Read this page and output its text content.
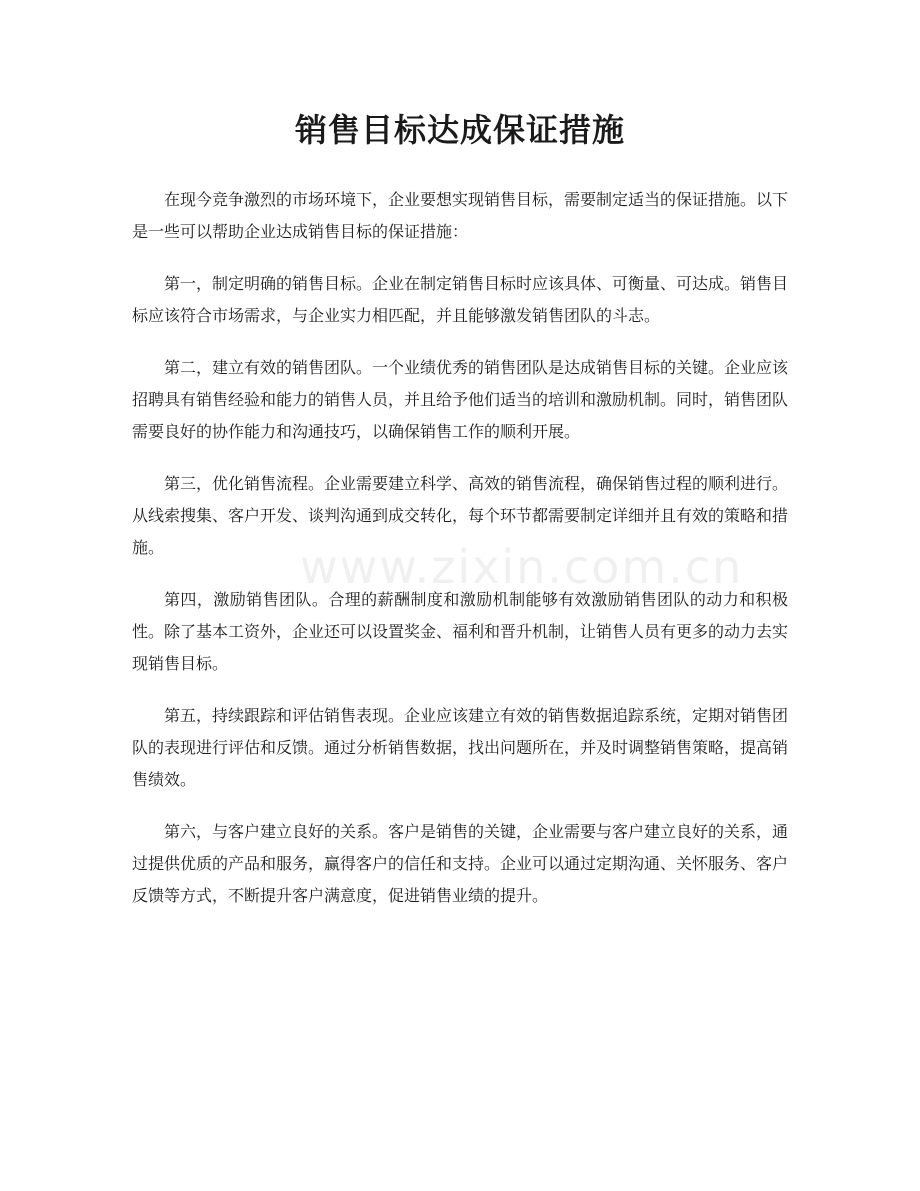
销售目标达成保证措施
www.zixin.com.cn

在现今竞争激烈的市场环境下，企业要想实现销售目标，需要制定适当的保证措施。以下是一些可以帮助企业达成销售目标的保证措施：

第一，制定明确的销售目标。企业在制定销售目标时应该具体、可衡量、可达成。销售目标应该符合市场需求，与企业实力相匹配，并且能够激发销售团队的斗志。

第二，建立有效的销售团队。一个业绩优秀的销售团队是达成销售目标的关键。企业应该招聘具有销售经验和能力的销售人员，并且给予他们适当的培训和激励机制。同时，销售团队需要良好的协作能力和沟通技巧，以确保销售工作的顺利开展。

第三，优化销售流程。企业需要建立科学、高效的销售流程，确保销售过程的顺利进行。从线索搜集、客户开发、谈判沟通到成交转化，每个环节都需要制定详细并且有效的策略和措施。

第四，激励销售团队。合理的薪酬制度和激励机制能够有效激励销售团队的动力和积极性。除了基本工资外，企业还可以设置奖金、福利和晋升机制，让销售人员有更多的动力去实现销售目标。

第五，持续跟踪和评估销售表现。企业应该建立有效的销售数据追踪系统，定期对销售团队的表现进行评估和反馈。通过分析销售数据，找出问题所在，并及时调整销售策略，提高销售绩效。

第六，与客户建立良好的关系。客户是销售的关键，企业需要与客户建立良好的关系，通过提供优质的产品和服务，赢得客户的信任和支持。企业可以通过定期沟通、关怀服务、客户反馈等方式，不断提升客户满意度，促进销售业绩的提升。
